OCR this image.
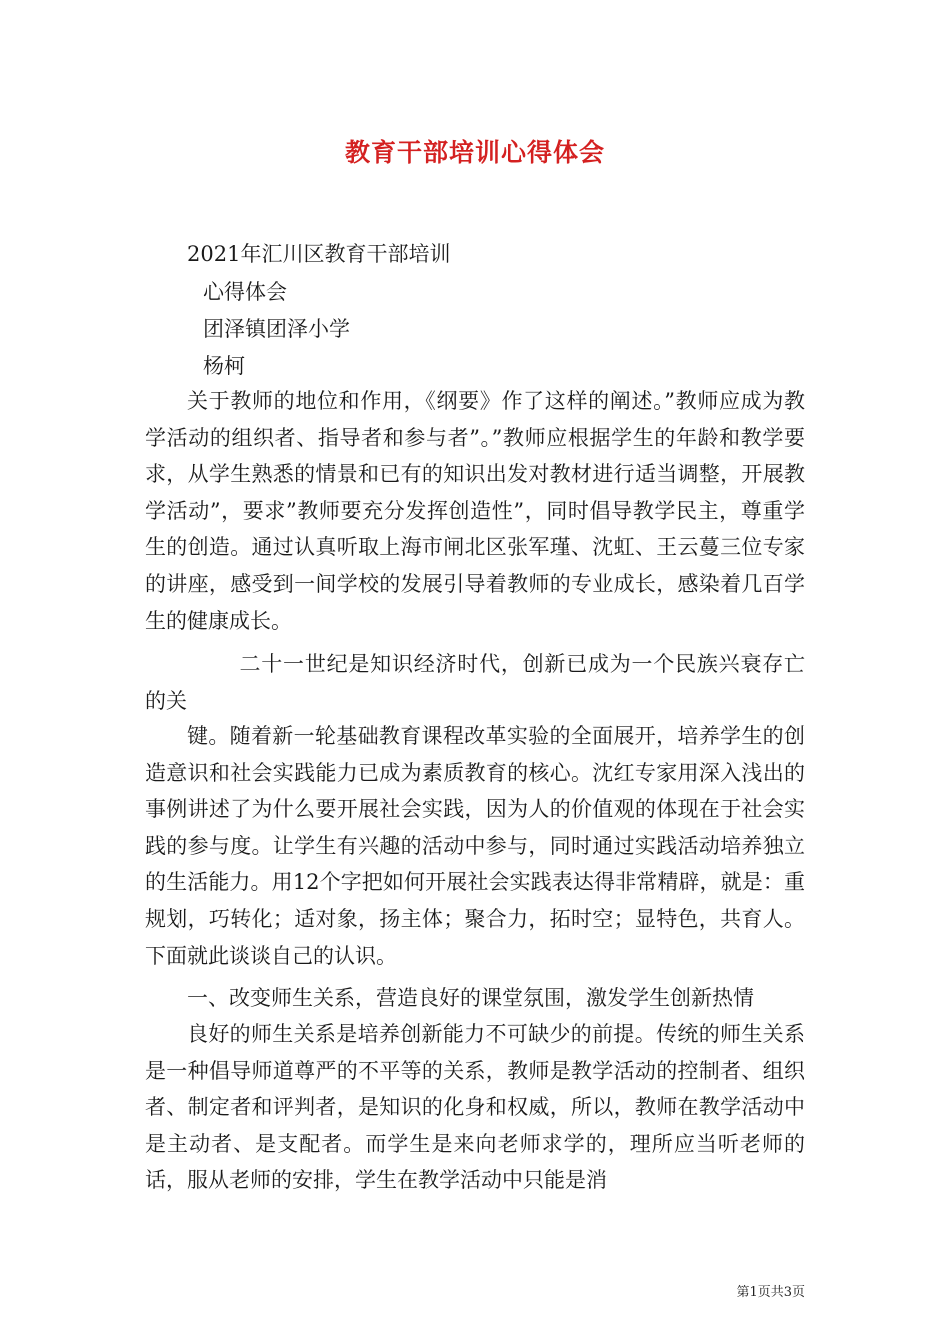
教育干部培训心得体会
2021年汇川区教育干部培训
心得体会
团泽镇团泽小学
杨柯

关于教师的地位和作用，《纲要》作了这样的阐述。”教师应成为教学活动的组织者、指导者和参与者”。”教师应根据学生的年龄和教学要求，从学生熟悉的情景和已有的知识出发对教材进行适当调整，开展教学活动”，要求”教师要充分发挥创造性”，同时倡导教学民主，尊重学生的创造。通过认真听取上海市闸北区张军瑾、沈虹、王云蔓三位专家的讲座，感受到一间学校的发展引导着教师的专业成长，感染着几百学生的健康成长。

二十一世纪是知识经济时代，创新已成为一个民族兴衰存亡的关

键。随着新一轮基础教育课程改革实验的全面展开，培养学生的创造意识和社会实践能力已成为素质教育的核心。沈红专家用深入浅出的事例讲述了为什么要开展社会实践，因为人的价值观的体现在于社会实践的参与度。让学生有兴趣的活动中参与，同时通过实践活动培养独立的生活能力。用12个字把如何开展社会实践表达得非常精辟，就是：重规划，巧转化；适对象，扬主体；聚合力，拓时空；显特色，共育人。下面就此谈谈自己的认识。

一、改变师生关系，营造良好的课堂氛围，激发学生创新热情

良好的师生关系是培养创新能力不可缺少的前提。传统的师生关系是一种倡导师道尊严的不平等的关系，教师是教学活动的控制者、组织者、制定者和评判者，是知识的化身和权威，所以，教师在教学活动中是主动者、是支配者。而学生是来向老师求学的，理所应当听老师的话，服从老师的安排，学生在教学活动中只能是消

第1页共3页
